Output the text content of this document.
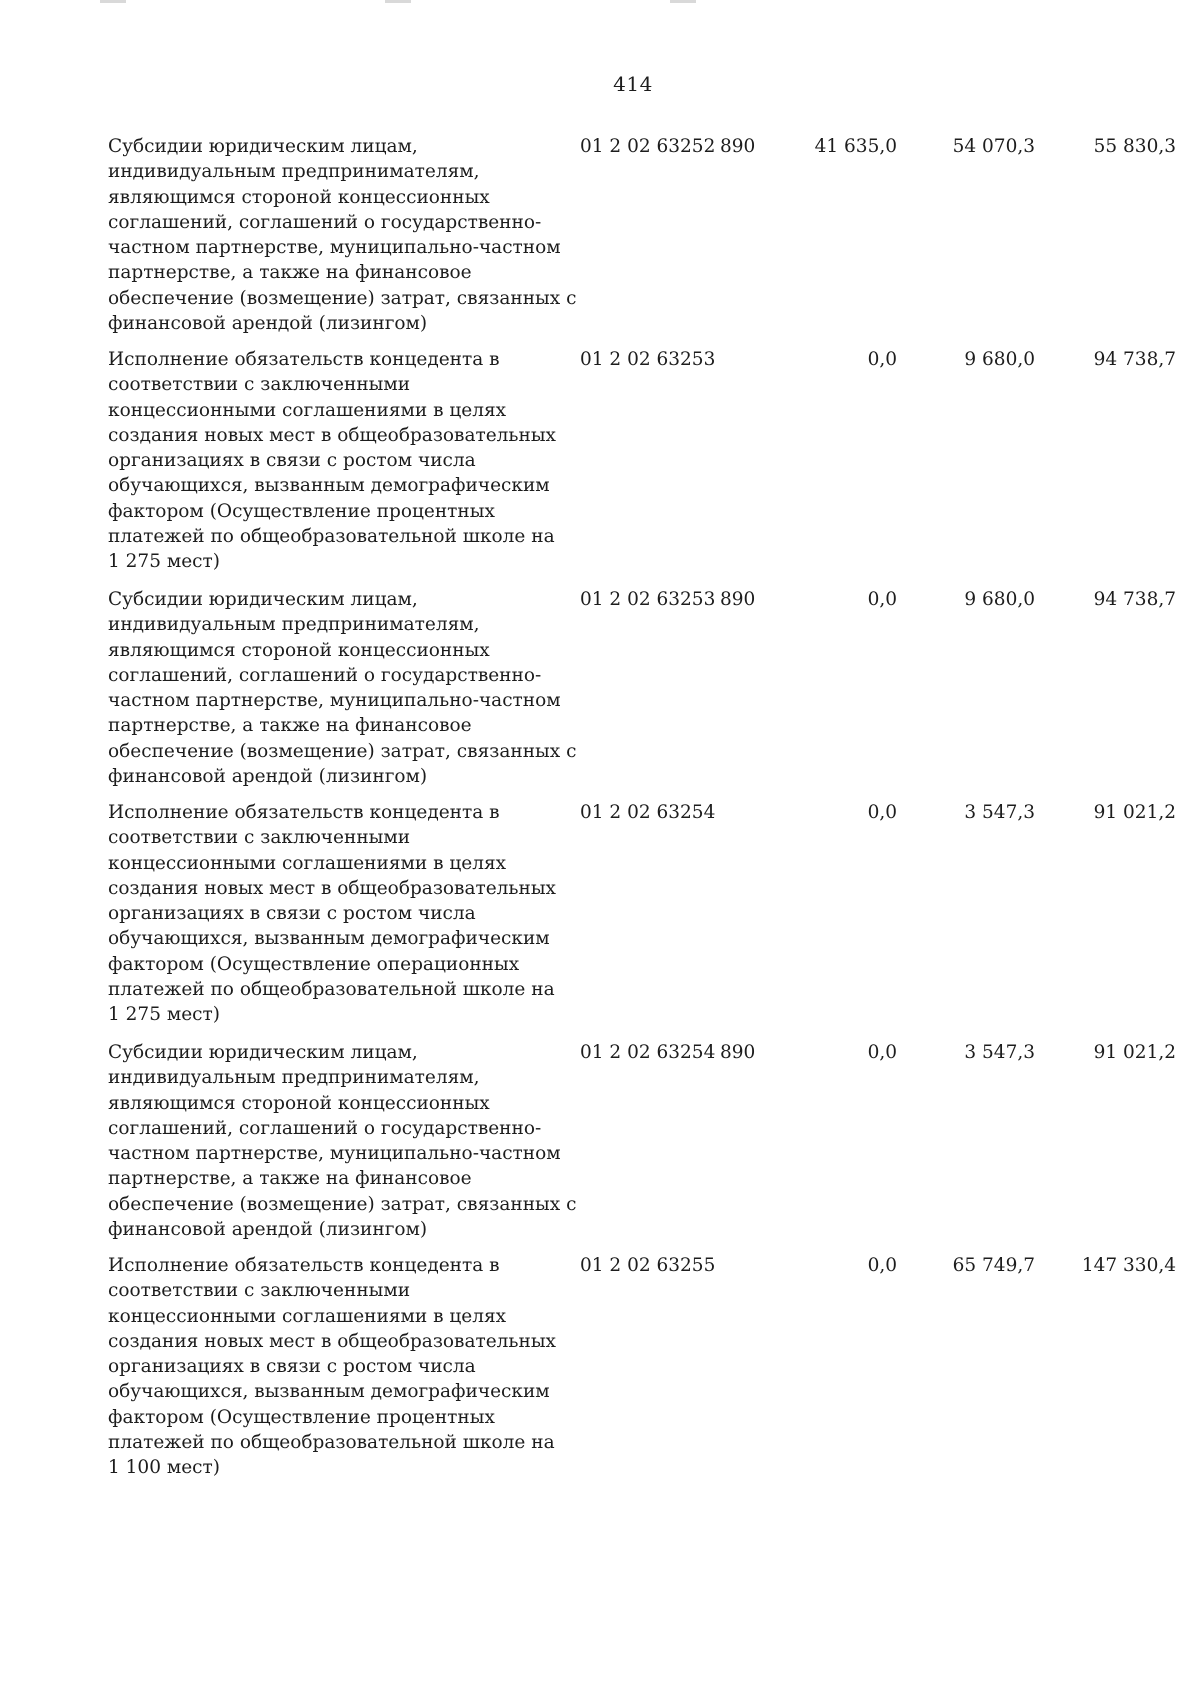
414
Субсидии юридическим лицам,
индивидуальным предпринимателям,
являющимся стороной концессионных
соглашений, соглашений о государственно-
частном партнерстве, муниципально-частном
партнерстве, а также на финансовое
обеспечение (возмещение) затрат, связанных с
финансовой арендой (лизингом)
01 2 02 63252 890	41 635,0	54 070,3	55 830,3
Исполнение обязательств концедента в
соответствии с заключенными
концессионными соглашениями в целях
создания новых мест в общеобразовательных
организациях в связи с ростом числа
обучающихся, вызванным демографическим
фактором (Осуществление процентных
платежей по общеобразовательной школе на
1 275 мест)
01 2 02 63253	0,0	9 680,0	94 738,7
Субсидии юридическим лицам,
индивидуальным предпринимателям,
являющимся стороной концессионных
соглашений, соглашений о государственно-
частном партнерстве, муниципально-частном
партнерстве, а также на финансовое
обеспечение (возмещение) затрат, связанных с
финансовой арендой (лизингом)
01 2 02 63253 890	0,0	9 680,0	94 738,7
Исполнение обязательств концедента в
соответствии с заключенными
концессионными соглашениями в целях
создания новых мест в общеобразовательных
организациях в связи с ростом числа
обучающихся, вызванным демографическим
фактором (Осуществление операционных
платежей по общеобразовательной школе на
1 275 мест)
01 2 02 63254	0,0	3 547,3	91 021,2
Субсидии юридическим лицам,
индивидуальным предпринимателям,
являющимся стороной концессионных
соглашений, соглашений о государственно-
частном партнерстве, муниципально-частном
партнерстве, а также на финансовое
обеспечение (возмещение) затрат, связанных с
финансовой арендой (лизингом)
01 2 02 63254 890	0,0	3 547,3	91 021,2
Исполнение обязательств концедента в
соответствии с заключенными
концессионными соглашениями в целях
создания новых мест в общеобразовательных
организациях в связи с ростом числа
обучающихся, вызванным демографическим
фактором (Осуществление процентных
платежей по общеобразовательной школе на
1 100 мест)
01 2 02 63255	0,0	65 749,7	147 330,4
